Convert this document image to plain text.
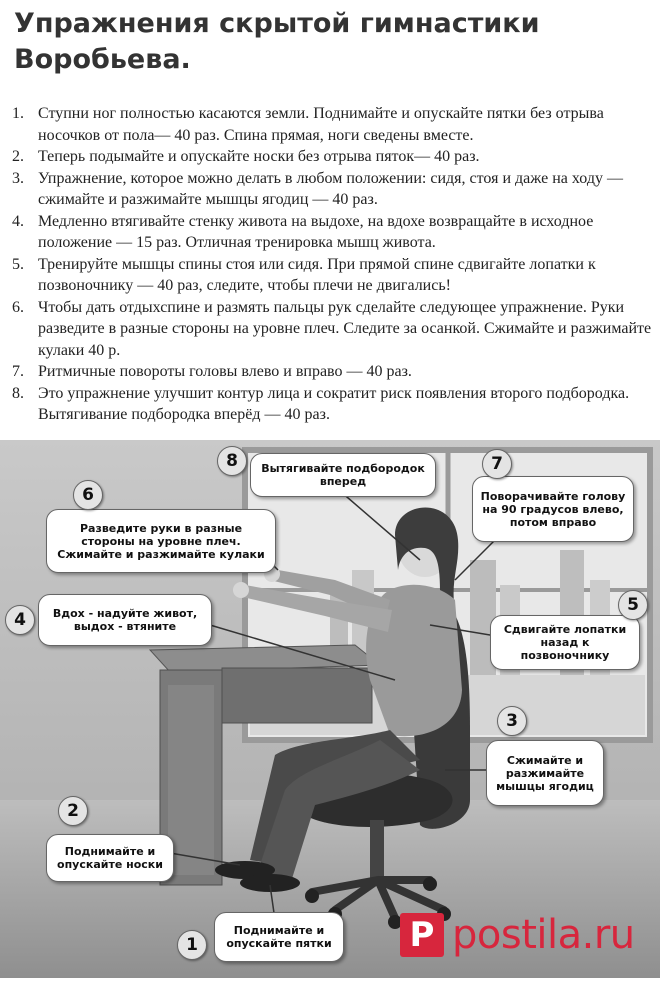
Упражнения скрытой гимнастики Воробьева.
1. Ступни ног полностью касаются земли. Поднимайте и опускайте пятки без отрыва носочков от пола— 40 раз. Спина прямая, ноги сведены вместе.
2. Теперь подымайте и опускайте носки без отрыва пяток— 40 раз.
3. Упражнение, которое можно делать в любом положении: сидя, стоя и даже на ходу — сжимайте и разжимайте мышцы ягодиц — 40 раз.
4. Медленно втягивайте стенку живота на выдохе, на вдохе возвращайте в исходное положение — 15 раз. Отличная тренировка мышц живота.
5. Тренируйте мышцы спины стоя или сидя. При прямой спине сдвигайте лопатки к позвоночнику — 40 раз, следите, чтобы плечи не двигались!
6. Чтобы дать отдыхспине и размять пальцы рук сделайте следующее упражнение. Руки разведите в разные стороны на уровне плеч. Следите за осанкой. Сжимайте и разжимайте кулаки 40 р.
7. Ритмичные повороты головы влево и вправо — 40 раз.
8. Это упражнение улучшит контур лица и сократит риск появления второго подбородка. Вытягивание подбородка вперёд — 40 раз.
Вытягивайте подбородок вперед
Поворачивайте голову на 90 градусов влево, потом вправо
Разведите руки в разные стороны на уровне плеч. Сжимайте и разжимайте кулаки
Вдох - надуйте живот, выдох - втяните	Сдвигайте лопатки назад к позвоночнику
Сжимайте и разжимайте мышцы ягодиц
Поднимайте и опускайте носки
Поднимайте и опускайте пятки
8	7
6
4
5
3
2
1	P postila.ru
